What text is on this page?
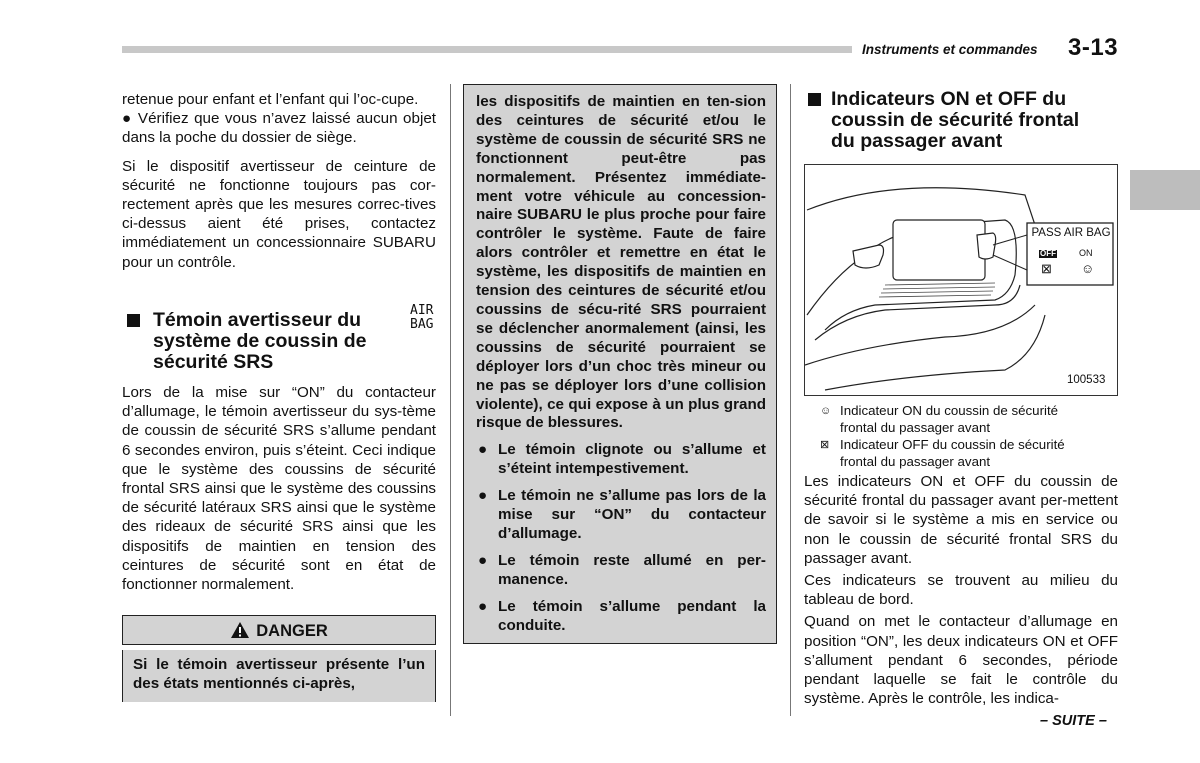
Instruments et commandes 3-13

retenue pour enfant et l’enfant qui l’oc-cupe.

● Vérifiez que vous n’avez laissé aucun objet dans la poche du dossier de siège.

Si le dispositif avertisseur de ceinture de sécurité ne fonctionne toujours pas cor-rectement après que les mesures correc-tives ci-dessus aient été prises, contactez immédiatement un concessionnaire SUBARU pour un contrôle.

Témoin avertisseur du
système de coussin de
sécurité SRS
AIR
BAG

Lors de la mise sur “ON” du contacteur d’allumage, le témoin avertisseur du sys-tème de coussin de sécurité SRS s’allume pendant 6 secondes environ, puis s’éteint. Ceci indique que le système des coussins de sécurité frontal SRS ainsi que le système des coussins de sécurité latéraux SRS ainsi que le système des rideaux de sécurité SRS ainsi que les dispositifs de maintien en tension des ceintures de sécurité sont en état de fonctionner normalement.

DANGER

Si le témoin avertisseur présente l’un des états mentionnés ci-après,

les dispositifs de maintien en ten-sion des ceintures de sécurité et/ou le système de coussin de sécurité SRS ne fonctionnent peut-être pas normalement. Présentez immédiate-ment votre véhicule au concession-naire SUBARU le plus proche pour faire contrôler le système. Faute de faire alors contrôler et remettre en état le système, les dispositifs de maintien en tension des ceintures de sécurité et/ou coussins de sécu-rité SRS pourraient se déclencher anormalement (ainsi, les coussins de sécurité pourraient se déployer lors d’un choc très mineur ou ne pas se déployer lors d’une collision violente), ce qui expose à un plus grand risque de blessures.

● Le témoin clignote ou s’allume et s’éteint intempestivement.

● Le témoin ne s’allume pas lors de la mise sur “ON” du contacteur d’allumage.

● Le témoin reste allumé en per-manence.

● Le témoin s’allume pendant la conduite.

Indicateurs ON et OFF du
coussin de sécurité frontal
du passager avant
PASS AIR BAG
OFF	ON
⊠ ☺
100533
☺ Indicateur ON du coussin de sécurité
frontal du passager avant
⊠ Indicateur OFF du coussin de sécurité
frontal du passager avant

Les indicateurs ON et OFF du coussin de sécurité frontal du passager avant per-mettent de savoir si le système a mis en service ou non le coussin de sécurité frontal SRS du passager avant.

Ces indicateurs se trouvent au milieu du tableau de bord.

Quand on met le contacteur d’allumage en position “ON”, les deux indicateurs ON et OFF s’allument pendant 6 secondes, période pendant laquelle se fait le contrôle du système. Après le contrôle, les indica-

– SUITE –
